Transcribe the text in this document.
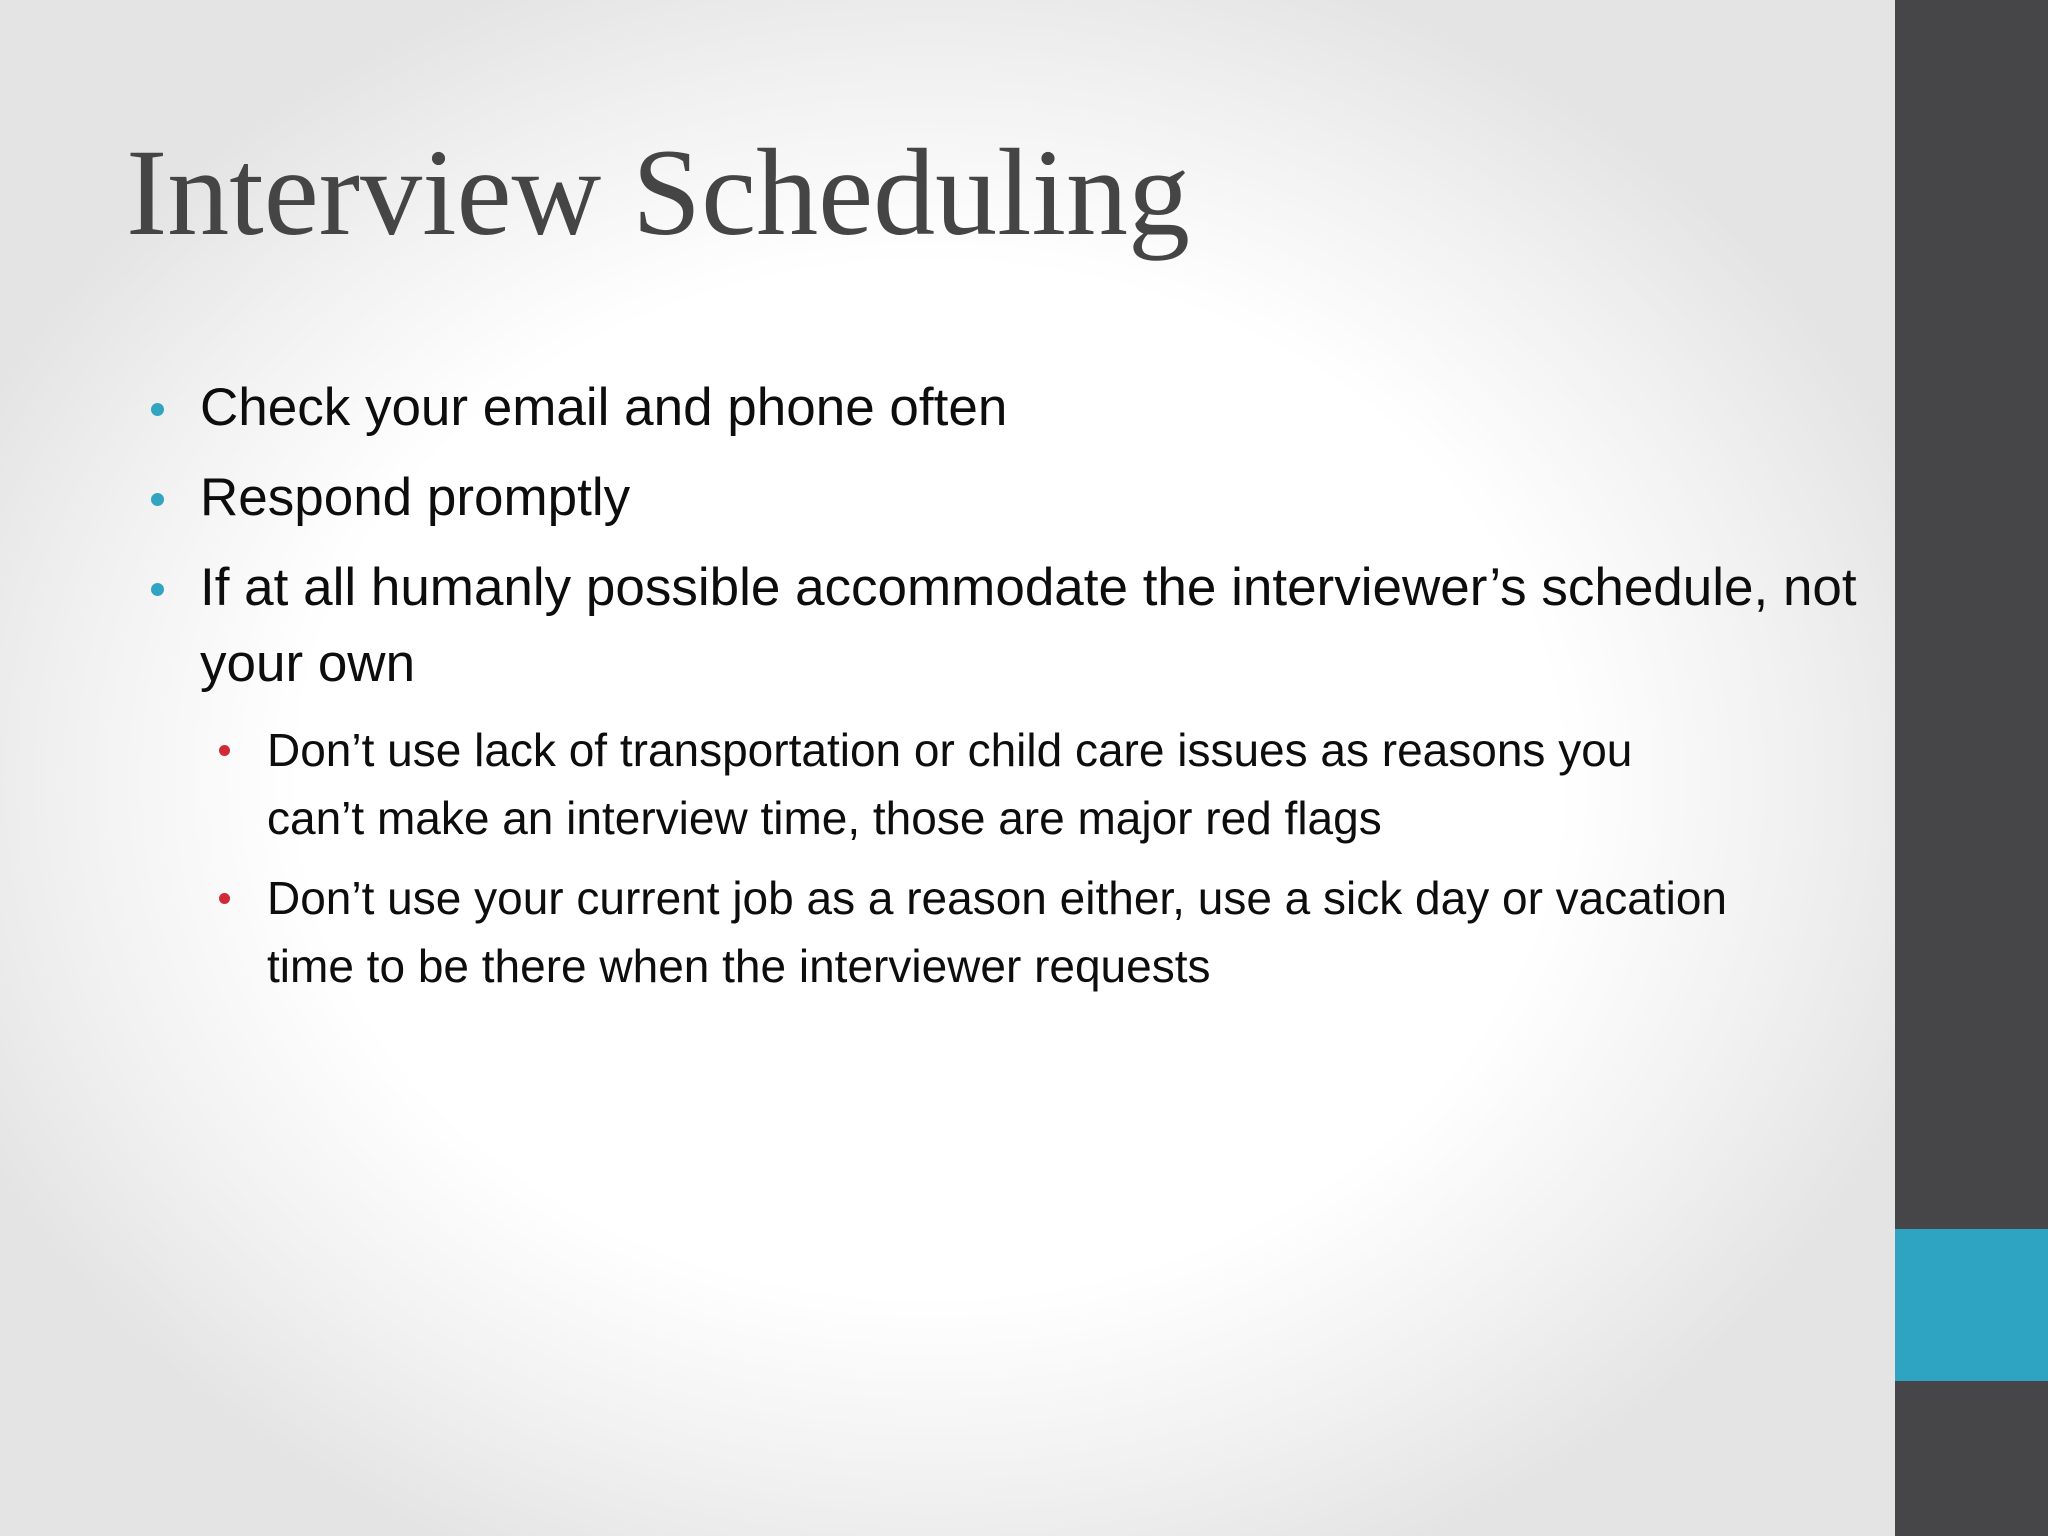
Interview Scheduling
Check your email and phone often
Respond promptly
If at all humanly possible accommodate the interviewer’s schedule, not your own
Don’t use lack of transportation or child care issues as reasons you can’t make an interview time, those are major red flags
Don’t use your current job as a reason either, use a sick day or vacation time to be there when the interviewer requests
